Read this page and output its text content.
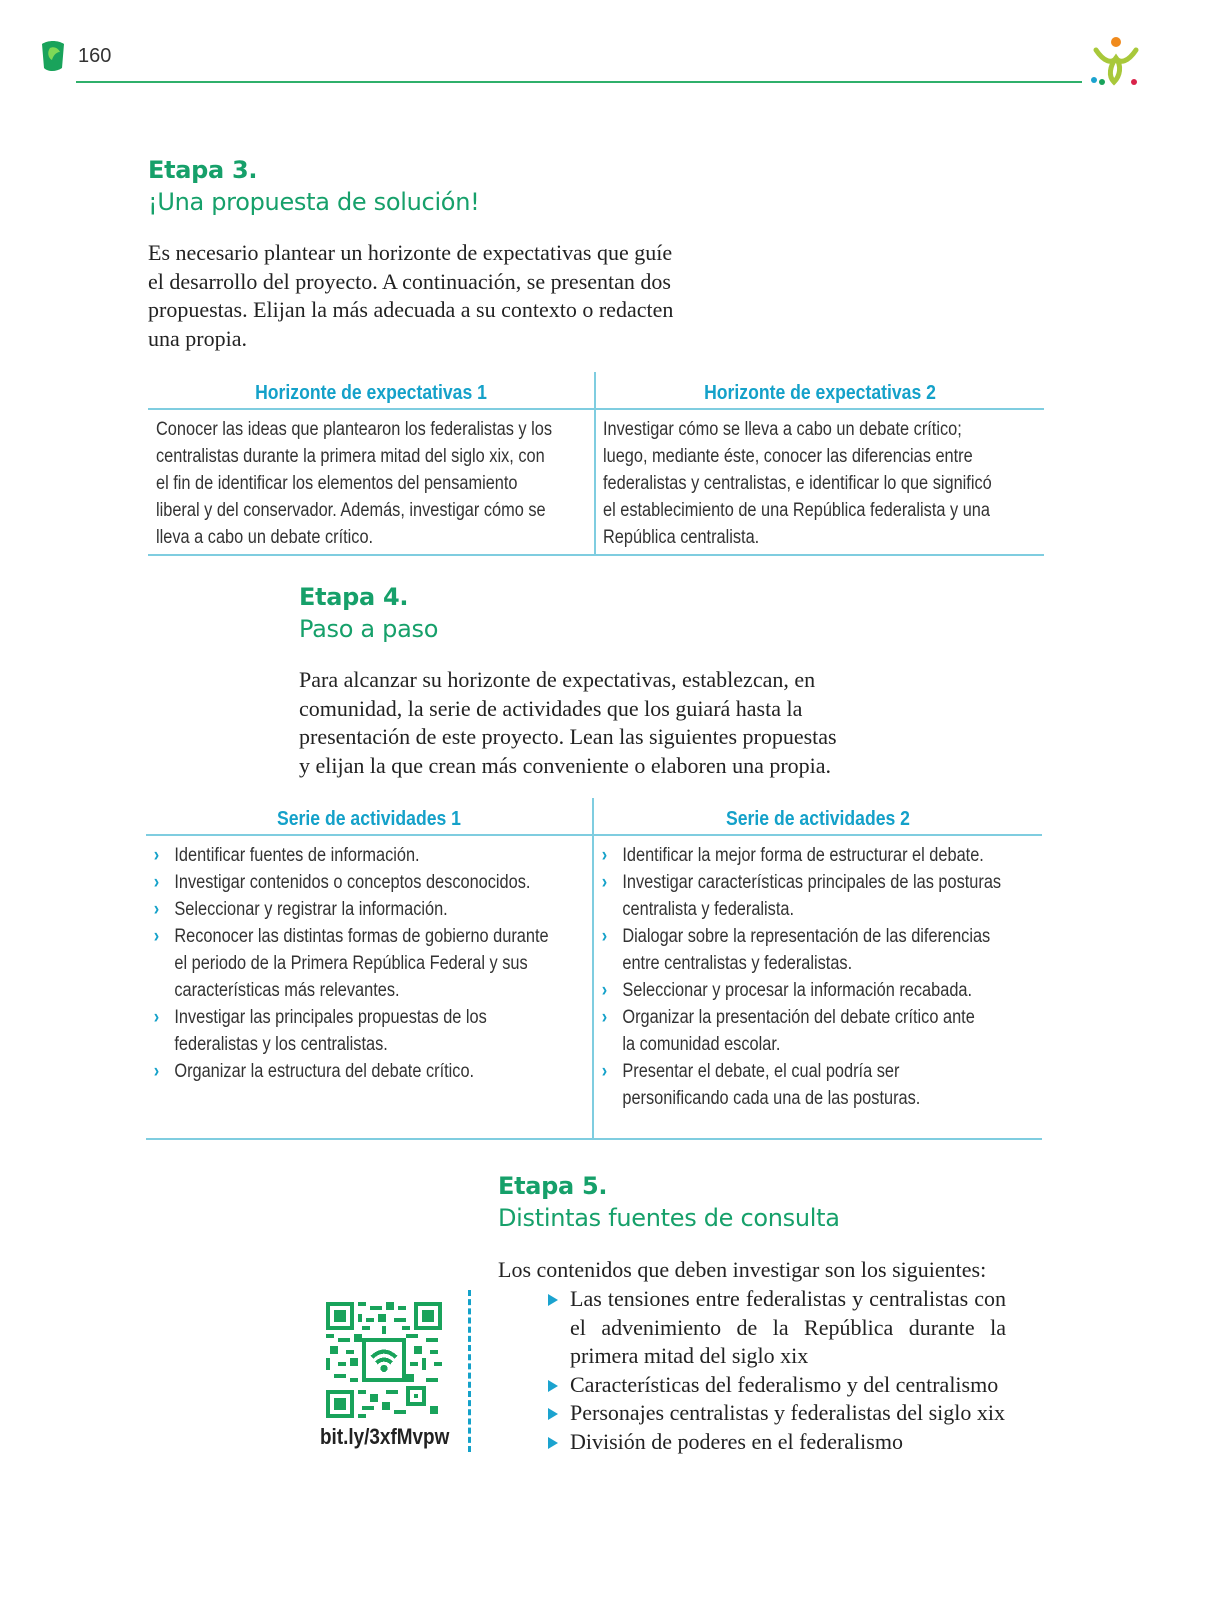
160
Etapa 3.
¡Una propuesta de solución!
Es necesario plantear un horizonte de expectativas que guíe
el desarrollo del proyecto. A continuación, se presentan dos
propuestas. Elijan la más adecuada a su contexto o redacten
una propia.
Horizonte de expectativas 1	Horizonte de expectativas 2
Conocer las ideas que plantearon los federalistas y los
centralistas durante la primera mitad del siglo xix, con
el fin de identificar los elementos del pensamiento
liberal y del conservador. Además, investigar cómo se
lleva a cabo un debate crítico.
Investigar cómo se lleva a cabo un debate crítico;
luego, mediante éste, conocer las diferencias entre
federalistas y centralistas, e identificar lo que significó
el establecimiento de una República federalista y una
República centralista.
Etapa 4.
Paso a paso
Para alcanzar su horizonte de expectativas, establezcan, en
comunidad, la serie de actividades que los guiará hasta la
presentación de este proyecto. Lean las siguientes propuestas
y elijan la que crean más conveniente o elaboren una propia.
Serie de actividades 1	Serie de actividades 2
› Identificar fuentes de información.
› Investigar contenidos o conceptos desconocidos.
› Seleccionar y registrar la información.
› Reconocer las distintas formas de gobierno durante
el periodo de la Primera República Federal y sus
características más relevantes.
› Investigar las principales propuestas de los
federalistas y los centralistas.
› Organizar la estructura del debate crítico.
› Identificar la mejor forma de estructurar el debate.
› Investigar características principales de las posturas
centralista y federalista.
› Dialogar sobre la representación de las diferencias
entre centralistas y federalistas.
› Seleccionar y procesar la información recabada.
› Organizar la presentación del debate crítico ante
la comunidad escolar.
› Presentar el debate, el cual podría ser
personificando cada una de las posturas.
Etapa 5.
Distintas fuentes de consulta
Los contenidos que deben investigar son los siguientes:
Las tensiones entre federalistas y centralistas con el advenimiento de la República durante la primera mitad del siglo xix
Características del federalismo y del centralismo
Personajes centralistas y federalistas del siglo xix
División de poderes en el federalismo
bit.ly/3xfMvpw
